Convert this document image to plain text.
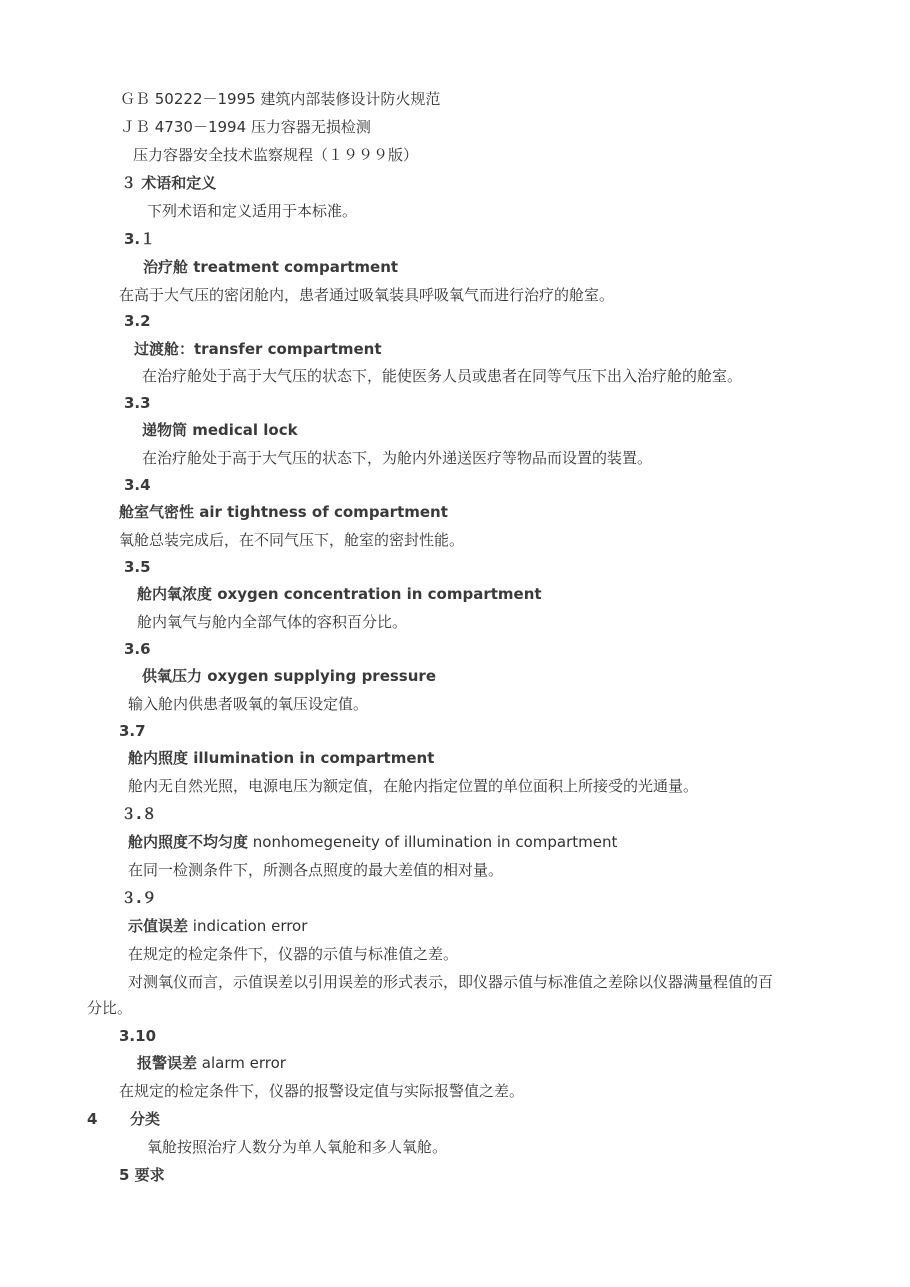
ＧＢ 50222－1995 建筑内部装修设计防火规范
ＪＢ 4730－1994 压力容器无损检测
压力容器安全技术监察规程（１９９９版）
３ 术语和定义
下列术语和定义适用于本标准。
3.１
治疗舱 treatment compartment
在高于大气压的密闭舱内，患者通过吸氧装具呼吸氧气而进行治疗的舱室。
3.2
过渡舱：transfer compartment
在治疗舱处于高于大气压的状态下，能使医务人员或患者在同等气压下出入治疗舱的舱室。
3.3
递物筒 medical lock
在治疗舱处于高于大气压的状态下，为舱内外递送医疗等物品而设置的装置。
3.4
舱室气密性 air tightness of compartment
氧舱总装完成后，在不同气压下，舱室的密封性能。
3.5
舱内氧浓度 oxygen concentration in compartment
舱内氧气与舱内全部气体的容积百分比。
3.6
供氧压力 oxygen supplying pressure
输入舱内供患者吸氧的氧压设定值。
3.7
舱内照度 illumination in compartment
舱内无自然光照，电源电压为额定值，在舱内指定位置的单位面积上所接受的光通量。
３.８
舱内照度不均匀度 nonhomegeneity of illumination in compartment
在同一检测条件下，所测各点照度的最大差值的相对量。
３.９
示值误差 indication error
在规定的检定条件下，仪器的示值与标准值之差。
对测氧仪而言，示值误差以引用误差的形式表示，即仪器示值与标准值之差除以仪器满量程值的百
分比。
3.10
报警误差 alarm error
在规定的检定条件下，仪器的报警设定值与实际报警值之差。
4 分类
氧舱按照治疗人数分为单人氧舱和多人氧舱。
5 要求
